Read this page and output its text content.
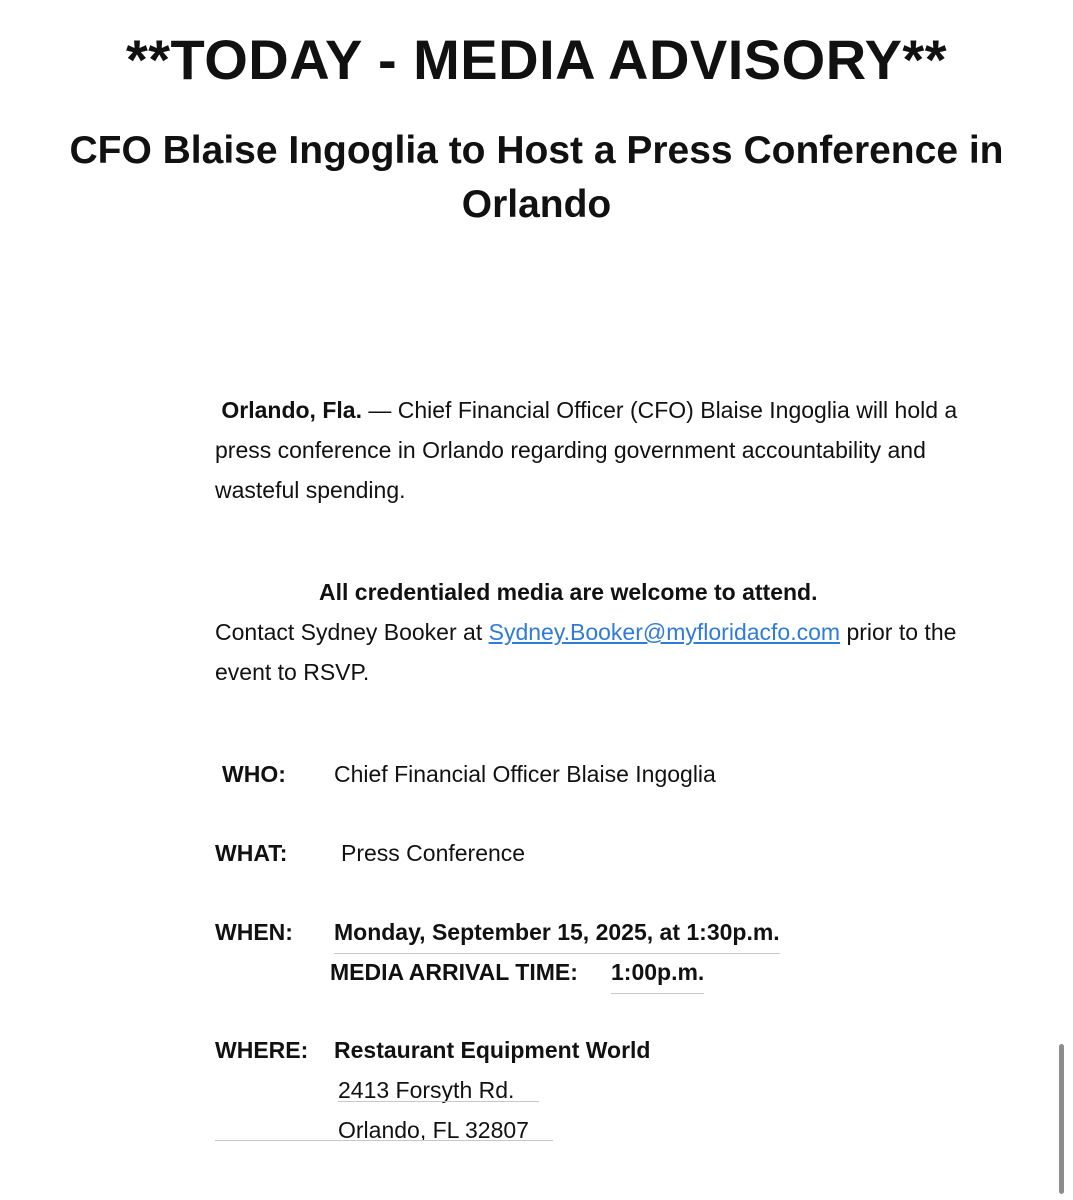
**TODAY - MEDIA ADVISORY**
CFO Blaise Ingoglia to Host a Press Conference in Orlando
Orlando, Fla. — Chief Financial Officer (CFO) Blaise Ingoglia will hold a press conference in Orlando regarding government accountability and wasteful spending.
All credentialed media are welcome to attend.
Contact Sydney Booker at Sydney.Booker@myfloridacfo.com prior to the event to RSVP.
WHO: Chief Financial Officer Blaise Ingoglia
WHAT: Press Conference
WHEN: Monday, September 15, 2025, at 1:30p.m.
MEDIA ARRIVAL TIME: 1:00p.m.
WHERE: Restaurant Equipment World
2413 Forsyth Rd.
Orlando, FL 32807
